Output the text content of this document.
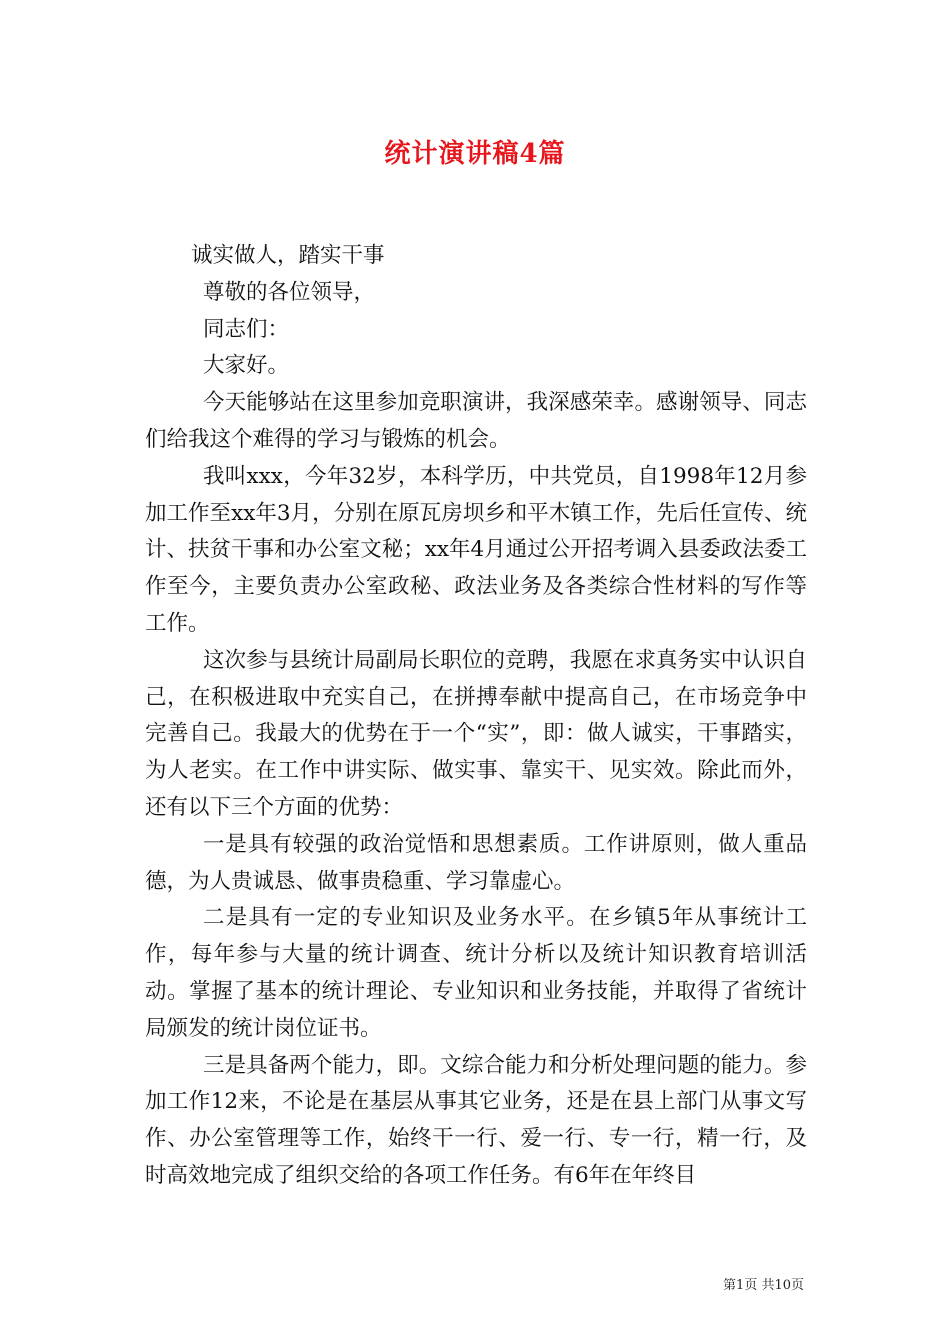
统计演讲稿4篇

诚实做人，踏实干事

尊敬的各位领导，

同志们：

大家好。

今天能够站在这里参加竞职演讲，我深感荣幸。感谢领导、同志们给我这个难得的学习与锻炼的机会。

我叫xxx，今年32岁，本科学历，中共党员，自1998年12月参加工作至xx年3月，分别在原瓦房坝乡和平木镇工作，先后任宣传、统计、扶贫干事和办公室文秘；xx年4月通过公开招考调入县委政法委工作至今，主要负责办公室政秘、政法业务及各类综合性材料的写作等工作。

这次参与县统计局副局长职位的竞聘，我愿在求真务实中认识自己，在积极进取中充实自己，在拼搏奉献中提高自己，在市场竞争中完善自己。我最大的优势在于一个“实”，即：做人诚实，干事踏实，为人老实。在工作中讲实际、做实事、靠实干、见实效。除此而外，还有以下三个方面的优势：

一是具有较强的政治觉悟和思想素质。工作讲原则，做人重品德，为人贵诚恳、做事贵稳重、学习靠虚心。

二是具有一定的专业知识及业务水平。在乡镇5年从事统计工作，每年参与大量的统计调查、统计分析以及统计知识教育培训活动。掌握了基本的统计理论、专业知识和业务技能，并取得了省统计局颁发的统计岗位证书。

三是具备两个能力，即。文综合能力和分析处理问题的能力。参加工作12来，不论是在基层从事其它业务，还是在县上部门从事文写作、办公室管理等工作，始终干一行、爱一行、专一行，精一行，及时高效地完成了组织交给的各项工作任务。有6年在年终目

第1页 共10页
